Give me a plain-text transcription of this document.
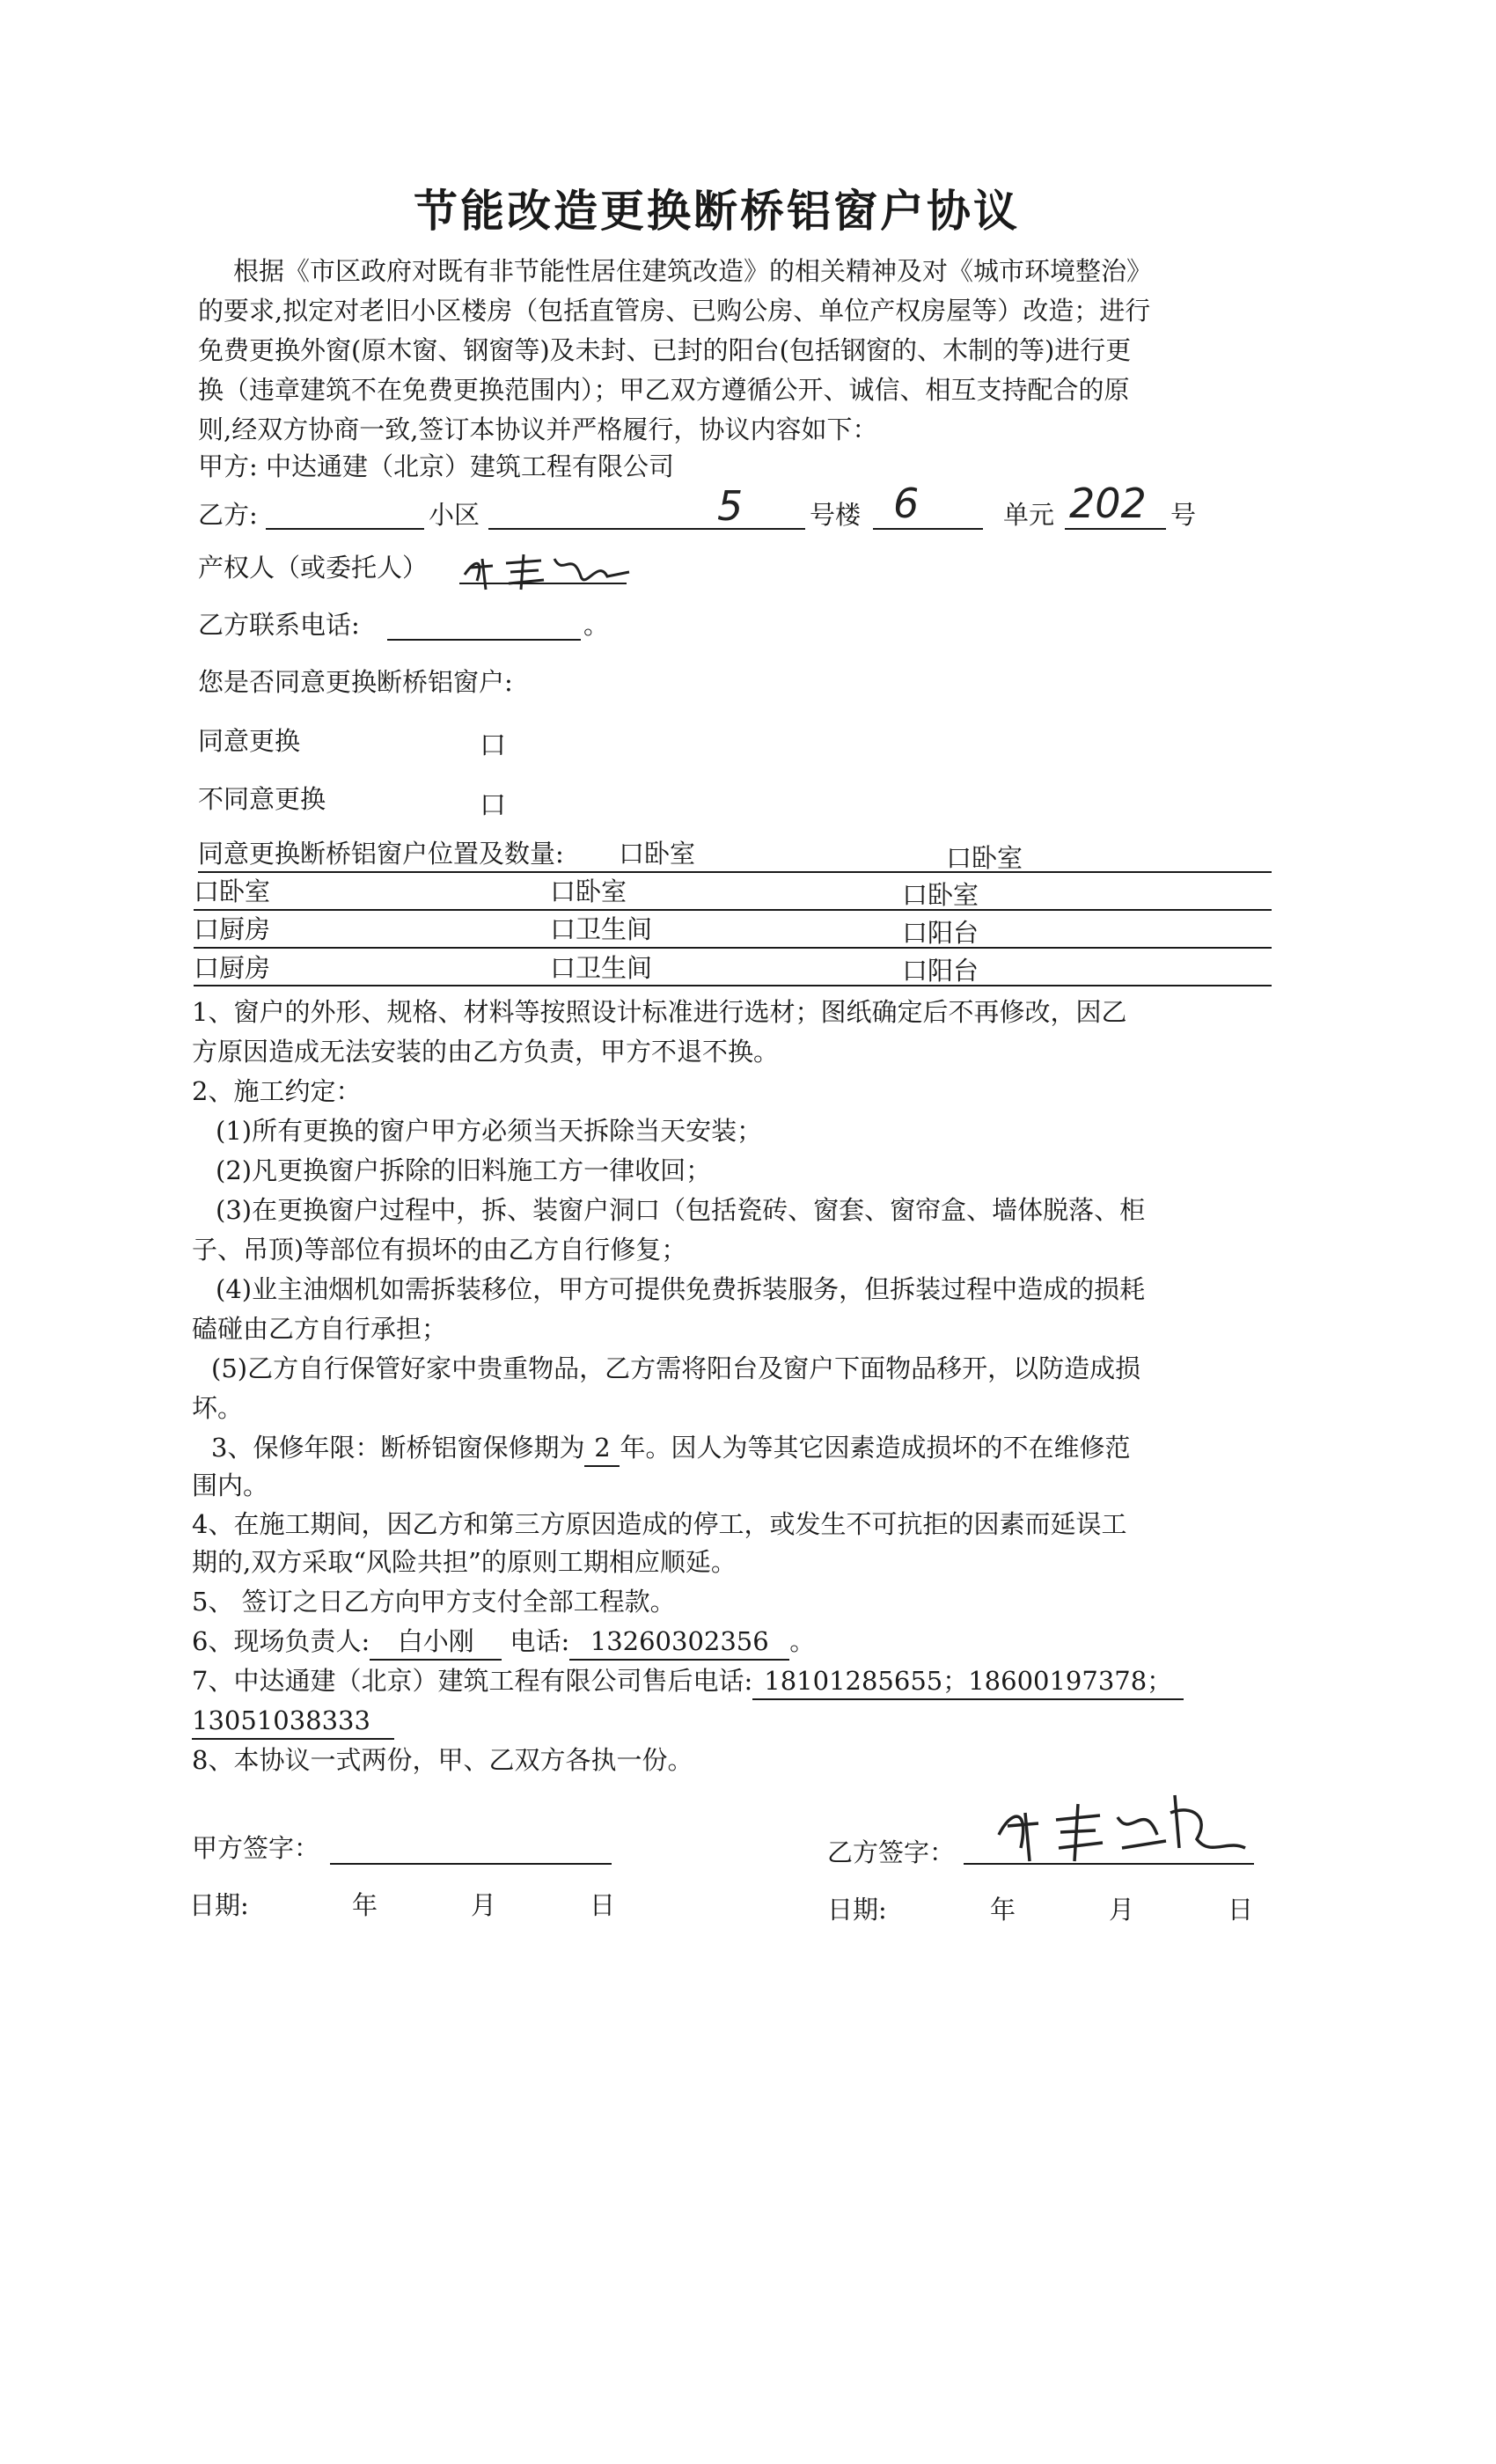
节能改造更换断桥铝窗户协议
根据《市区政府对既有非节能性居住建筑改造》的相关精神及对《城市环境整治》
的要求,拟定对老旧小区楼房（包括直管房、已购公房、单位产权房屋等）改造；进行
免费更换外窗(原木窗、钢窗等)及未封、已封的阳台(包括钢窗的、木制的等)进行更
换（违章建筑不在免费更换范围内）；甲乙双方遵循公开、诚信、相互支持配合的原
则,经双方协商一致,签订本协议并严格履行，协议内容如下：
甲方: 中达通建（北京）建筑工程有限公司
乙方:	小区	5	号楼 6	单元 202 号
产权人（或委托人）
乙方联系电话:	。
您是否同意更换断桥铝窗户:
同意更换	口
不同意更换	口
同意更换断桥铝窗户位置及数量: 口卧室	口卧室
口卧室	口卧室	口卧室
口厨房	口卫生间	口阳台
口厨房	口卫生间	口阳台
1、窗户的外形、规格、材料等按照设计标准进行选材；图纸确定后不再修改，因乙
方原因造成无法安装的由乙方负责，甲方不退不换。
2、施工约定：
(1)所有更换的窗户甲方必须当天拆除当天安装；
(2)凡更换窗户拆除的旧料施工方一律收回；
(3)在更换窗户过程中，拆、装窗户洞口（包括瓷砖、窗套、窗帘盒、墙体脱落、柜
子、吊顶)等部位有损坏的由乙方自行修复；
(4)业主油烟机如需拆装移位，甲方可提供免费拆装服务，但拆装过程中造成的损耗
磕碰由乙方自行承担；
(5)乙方自行保管好家中贵重物品，乙方需将阳台及窗户下面物品移开，以防造成损
坏。
3、保修年限：断桥铝窗保修期为 2 年。因人为等其它因素造成损坏的不在维修范
围内。
4、在施工期间，因乙方和第三方原因造成的停工，或发生不可抗拒的因素而延误工
期的,双方采取“风险共担”的原则工期相应顺延。
5、 签订之日乙方向甲方支付全部工程款。
6、现场负责人: 白小刚 电话: 13260302356 。
7、中达通建（北京）建筑工程有限公司售后电话: 18101285655；18600197378；
13051038333
8、本协议一式两份，甲、乙双方各执一份。
甲方签字：	乙方签字：
日期:	年	月	日	日期:	年	月	日
